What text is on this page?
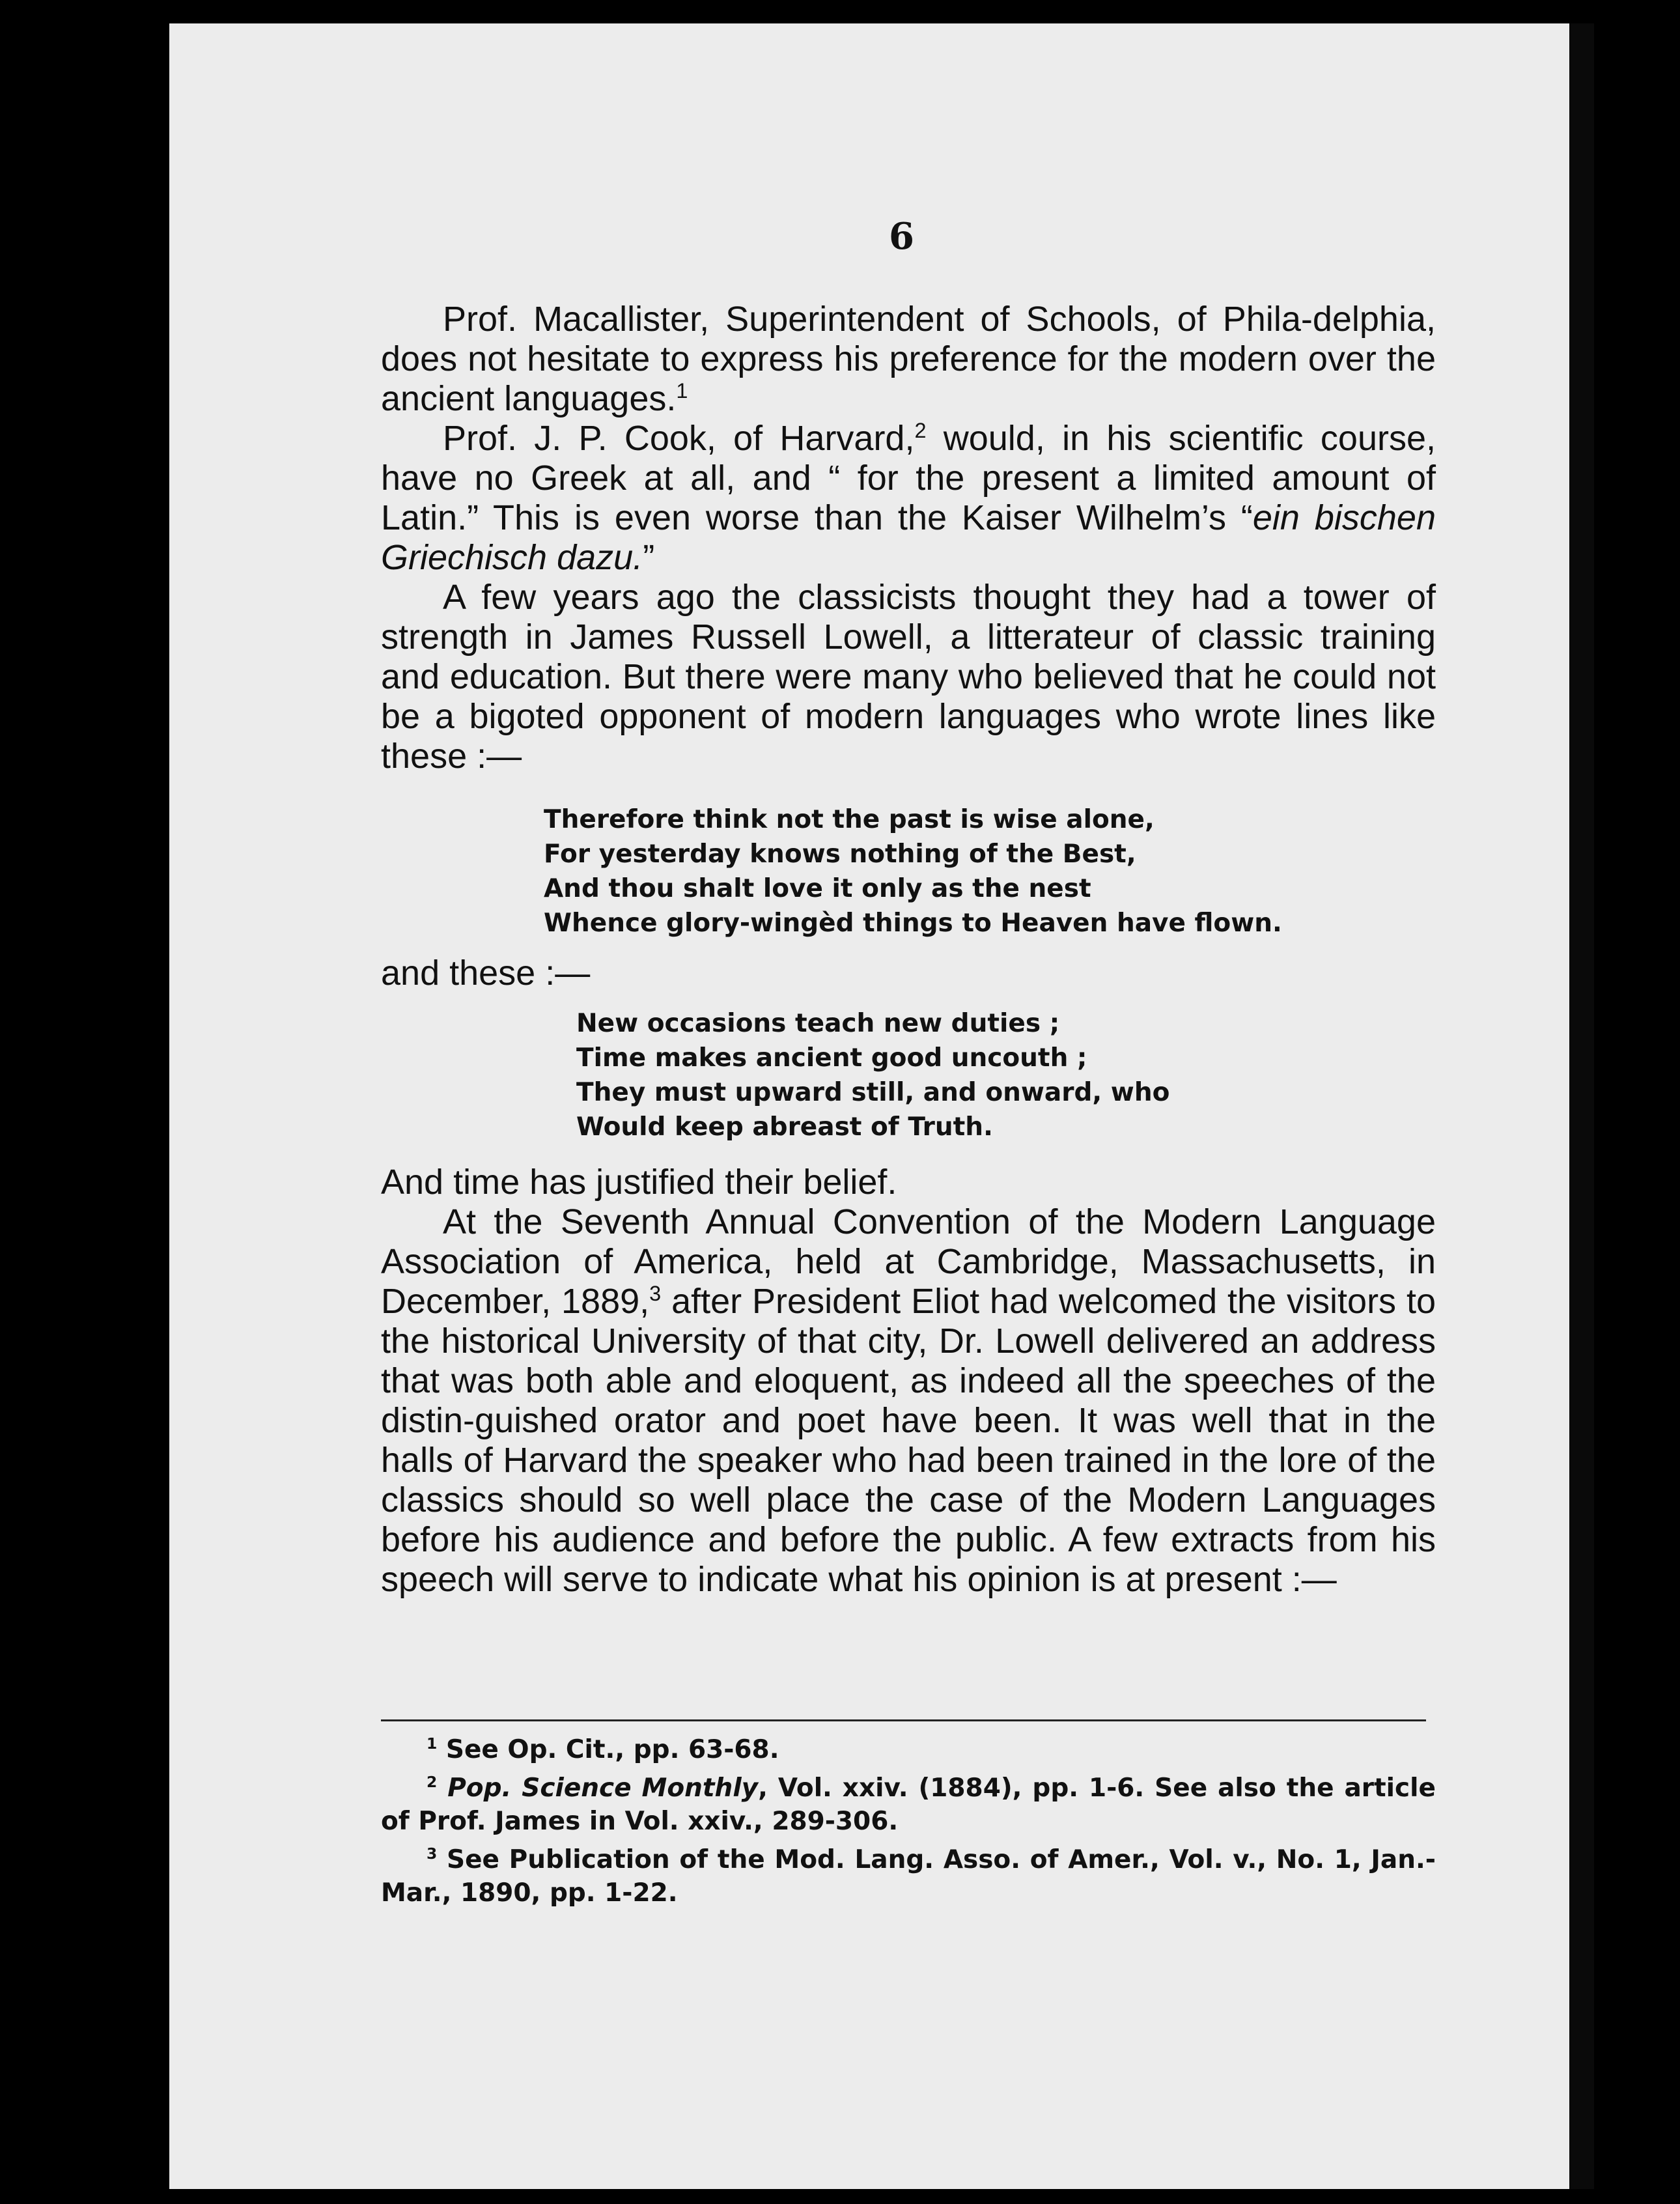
6

Prof. Macallister, Superintendent of Schools, of Phila-delphia, does not hesitate to express his preference for the modern over the ancient languages.$^1$

Prof. J. P. Cook, of Harvard,$^2$ would, in his scientific course, have no Greek at all, and “ for the present a limited amount of Latin.” This is even worse than the Kaiser Wilhelm’s “ein bischen Griechisch dazu.”

A few years ago the classicists thought they had a tower of strength in James Russell Lowell, a litterateur of classic training and education. But there were many who believed that he could not be a bigoted opponent of modern languages who wrote lines like these :—

Therefore think not the past is wise alone,
For yesterday knows nothing of the Best,
And thou shalt love it only as the nest
Whence glory-wingèd things to Heaven have flown.

and these :—

New occasions teach new duties ;
Time makes ancient good uncouth ;
They must upward still, and onward, who
Would keep abreast of Truth.

And time has justified their belief.

At the Seventh Annual Convention of the Modern Language Association of America, held at Cambridge, Massachusetts, in December, 1889,$^3$ after President Eliot had welcomed the visitors to the historical University of that city, Dr. Lowell delivered an address that was both able and eloquent, as indeed all the speeches of the distin-guished orator and poet have been. It was well that in the halls of Harvard the speaker who had been trained in the lore of the classics should so well place the case of the Modern Languages before his audience and before the public. A few extracts from his speech will serve to indicate what his opinion is at present :—

$^1$ See Op. Cit., pp. 63-68.

$^2$ Pop. Science Monthly, Vol. xxiv. (1884), pp. 1-6. See also the article of Prof. James in Vol. xxiv., 289-306.

$^3$ See Publication of the Mod. Lang. Asso. of Amer., Vol. v., No. 1, Jan.-Mar., 1890, pp. 1-22.
